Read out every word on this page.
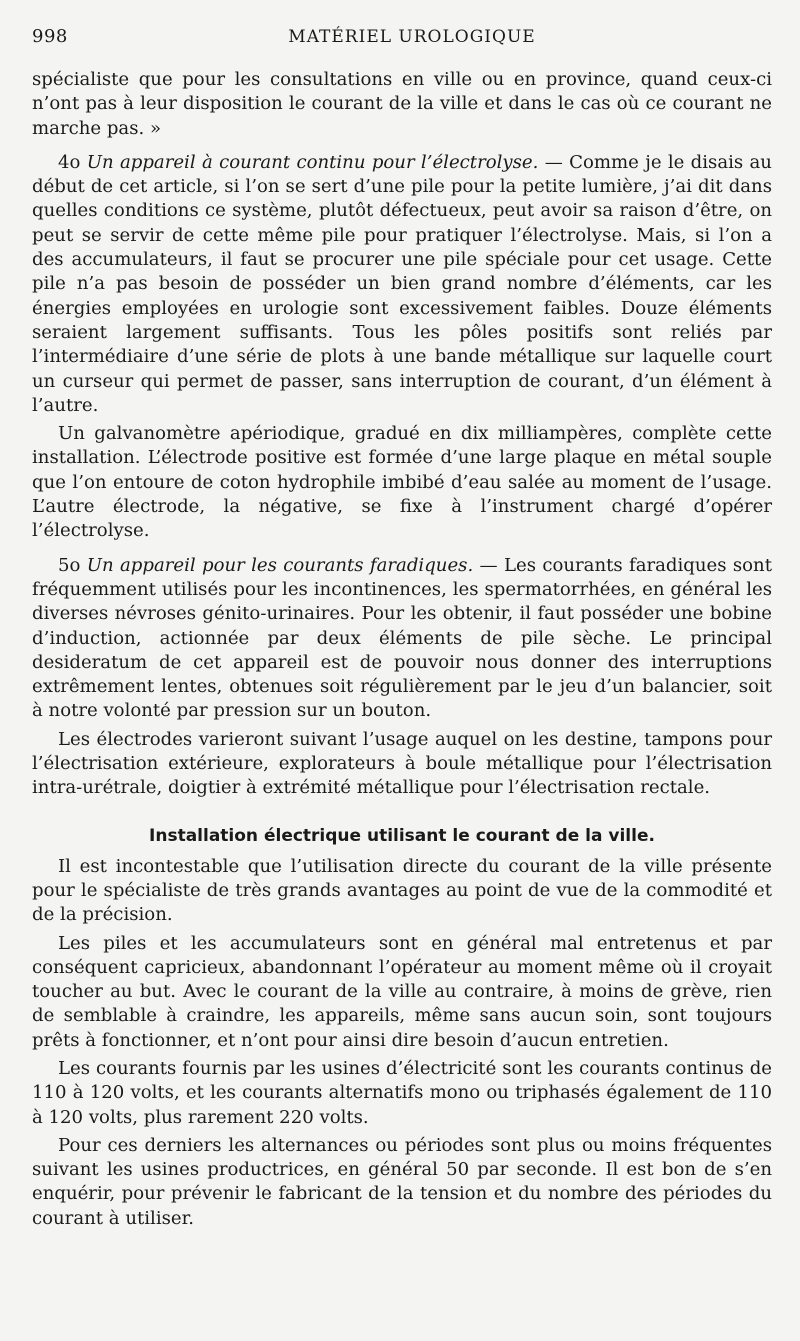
998	MATÉRIEL UROLOGIQUE

spécialiste que pour les consultations en ville ou en province, quand ceux-ci n’ont pas à leur disposition le courant de la ville et dans le cas où ce courant ne marche pas. »

4o Un appareil à courant continu pour l’électrolyse. — Comme je le disais au début de cet article, si l’on se sert d’une pile pour la petite lumière, j’ai dit dans quelles conditions ce système, plutôt défectueux, peut avoir sa raison d’être, on peut se servir de cette même pile pour pratiquer l’électrolyse. Mais, si l’on a des accumulateurs, il faut se procurer une pile spéciale pour cet usage. Cette pile n’a pas besoin de posséder un bien grand nombre d’éléments, car les énergies employées en urologie sont excessivement faibles. Douze éléments seraient largement suffisants. Tous les pôles positifs sont reliés par l’intermédiaire d’une série de plots à une bande métallique sur laquelle court un curseur qui permet de passer, sans interruption de courant, d’un élément à l’autre.

Un galvanomètre apériodique, gradué en dix milliampères, complète cette installation. L’électrode positive est formée d’une large plaque en métal souple que l’on entoure de coton hydrophile imbibé d’eau salée au moment de l’usage. L’autre électrode, la négative, se fixe à l’instrument chargé d’opérer l’électrolyse.

5o Un appareil pour les courants faradiques. — Les courants faradiques sont fréquemment utilisés pour les incontinences, les spermatorrhées, en général les diverses névroses génito-urinaires. Pour les obtenir, il faut posséder une bobine d’induction, actionnée par deux éléments de pile sèche. Le principal desideratum de cet appareil est de pouvoir nous donner des interruptions extrêmement lentes, obtenues soit régulièrement par le jeu d’un balancier, soit à notre volonté par pression sur un bouton.

Les électrodes varieront suivant l’usage auquel on les destine, tampons pour l’électrisation extérieure, explorateurs à boule métallique pour l’électrisation intra-urétrale, doigtier à extrémité métallique pour l’électrisation rectale.

Installation électrique utilisant le courant de la ville.

Il est incontestable que l’utilisation directe du courant de la ville présente pour le spécialiste de très grands avantages au point de vue de la commodité et de la précision.

Les piles et les accumulateurs sont en général mal entretenus et par conséquent capricieux, abandonnant l’opérateur au moment même où il croyait toucher au but. Avec le courant de la ville au contraire, à moins de grève, rien de semblable à craindre, les appareils, même sans aucun soin, sont toujours prêts à fonctionner, et n’ont pour ainsi dire besoin d’aucun entretien.

Les courants fournis par les usines d’électricité sont les courants continus de 110 à 120 volts, et les courants alternatifs mono ou triphasés également de 110 à 120 volts, plus rarement 220 volts.

Pour ces derniers les alternances ou périodes sont plus ou moins fréquentes suivant les usines productrices, en général 50 par seconde. Il est bon de s’en enquérir, pour prévenir le fabricant de la tension et du nombre des périodes du courant à utiliser.
